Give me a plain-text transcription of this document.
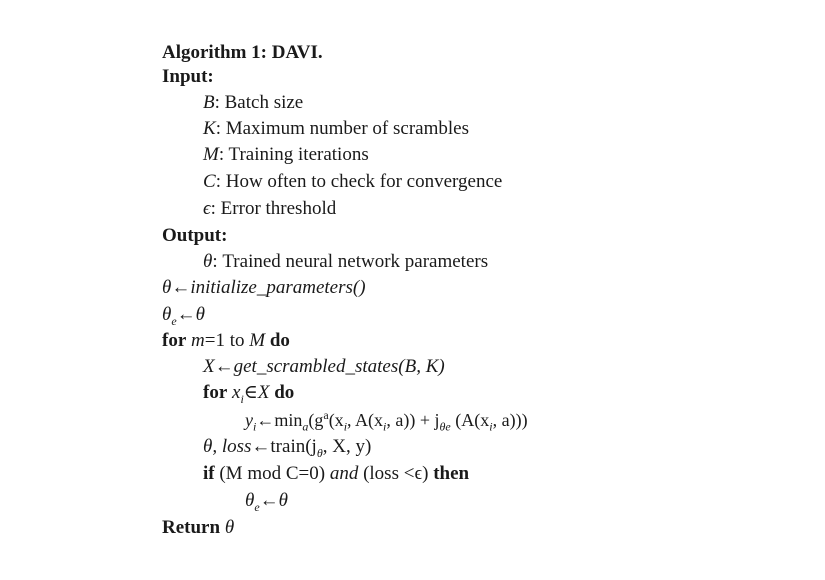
Algorithm 1: DAVI.
Input:
B: Batch size
K: Maximum number of scrambles
M: Training iterations
C: How often to check for convergence
ϵ: Error threshold
Output:
θ: Trained neural network parameters
θ←initialize_parameters()
$\theta_e\leftarrow\theta$
for m=1 to M do
X←get_scrambled_states(B, K)
for $x_i\in X$ do
$y_i\leftarrow\min_a(g^a(x_i$, $A(x_i$, $a)) + j_{\theta e}$ ($A(x_i$, a)))
θ, $loss\leftarrow train(j_\theta$, X, y)
if (M mod C=0) and (loss <ϵ) then
$\theta_e\leftarrow\theta$
Return θ
